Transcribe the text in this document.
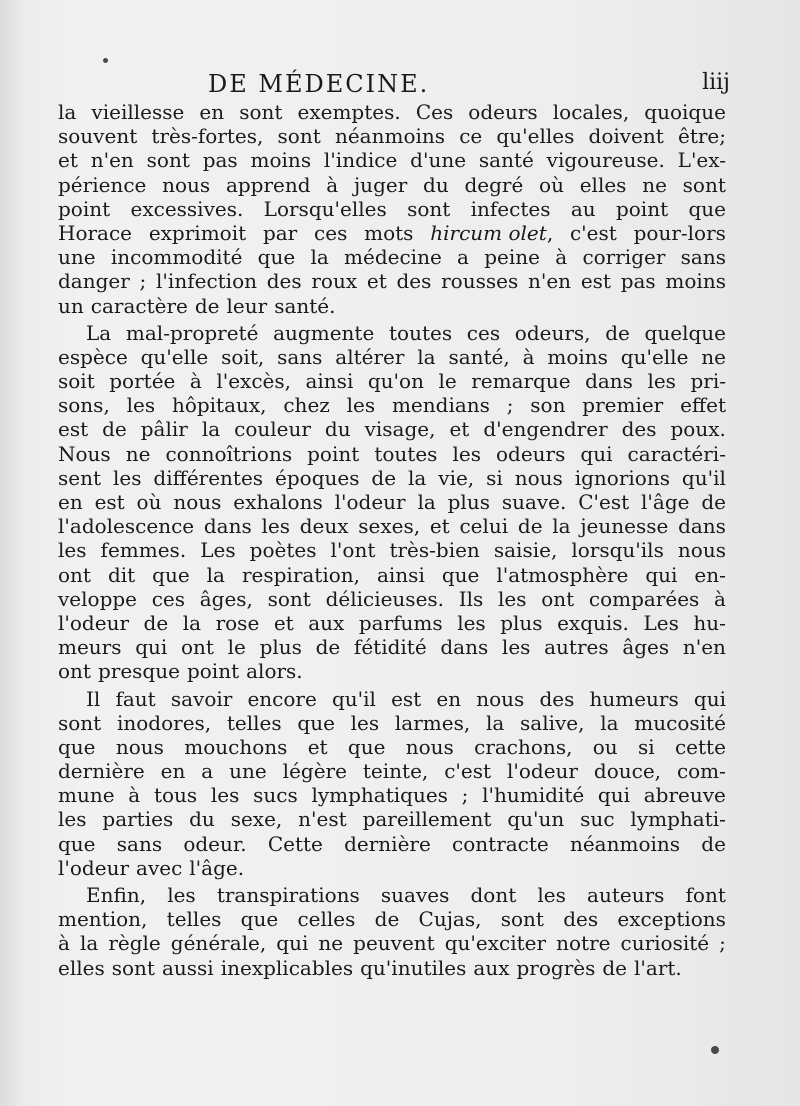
DE MÉDECINE.	liij
la vieillesse en sont exemptes. Ces odeurs locales, quoique
souvent très-fortes, sont néanmoins ce qu'elles doivent être;
et n'en sont pas moins l'indice d'une santé vigoureuse. L'ex-
périence nous apprend à juger du degré où elles ne sont
point excessives. Lorsqu'elles sont infectes au point que
Horace exprimoit par ces mots hircum olet, c'est pour-lors
une incommodité que la médecine a peine à corriger sans
danger ; l'infection des roux et des rousses n'en est pas moins
un caractère de leur santé.
La mal-propreté augmente toutes ces odeurs, de quelque
espèce qu'elle soit, sans altérer la santé, à moins qu'elle ne
soit portée à l'excès, ainsi qu'on le remarque dans les pri-
sons, les hôpitaux, chez les mendians ; son premier effet
est de pâlir la couleur du visage, et d'engendrer des poux.
Nous ne connoîtrions point toutes les odeurs qui caractéri-
sent les différentes époques de la vie, si nous ignorions qu'il
en est où nous exhalons l'odeur la plus suave. C'est l'âge de
l'adolescence dans les deux sexes, et celui de la jeunesse dans
les femmes. Les poètes l'ont très-bien saisie, lorsqu'ils nous
ont dit que la respiration, ainsi que l'atmosphère qui en-
veloppe ces âges, sont délicieuses. Ils les ont comparées à
l'odeur de la rose et aux parfums les plus exquis. Les hu-
meurs qui ont le plus de fétidité dans les autres âges n'en
ont presque point alors.
Il faut savoir encore qu'il est en nous des humeurs qui
sont inodores, telles que les larmes, la salive, la mucosité
que nous mouchons et que nous crachons, ou si cette
dernière en a une légère teinte, c'est l'odeur douce, com-
mune à tous les sucs lymphatiques ; l'humidité qui abreuve
les parties du sexe, n'est pareillement qu'un suc lymphati-
que sans odeur. Cette dernière contracte néanmoins de
l'odeur avec l'âge.
Enfin, les transpirations suaves dont les auteurs font
mention, telles que celles de Cujas, sont des exceptions
à la règle générale, qui ne peuvent qu'exciter notre curiosité ;
elles sont aussi inexplicables qu'inutiles aux progrès de l'art.
